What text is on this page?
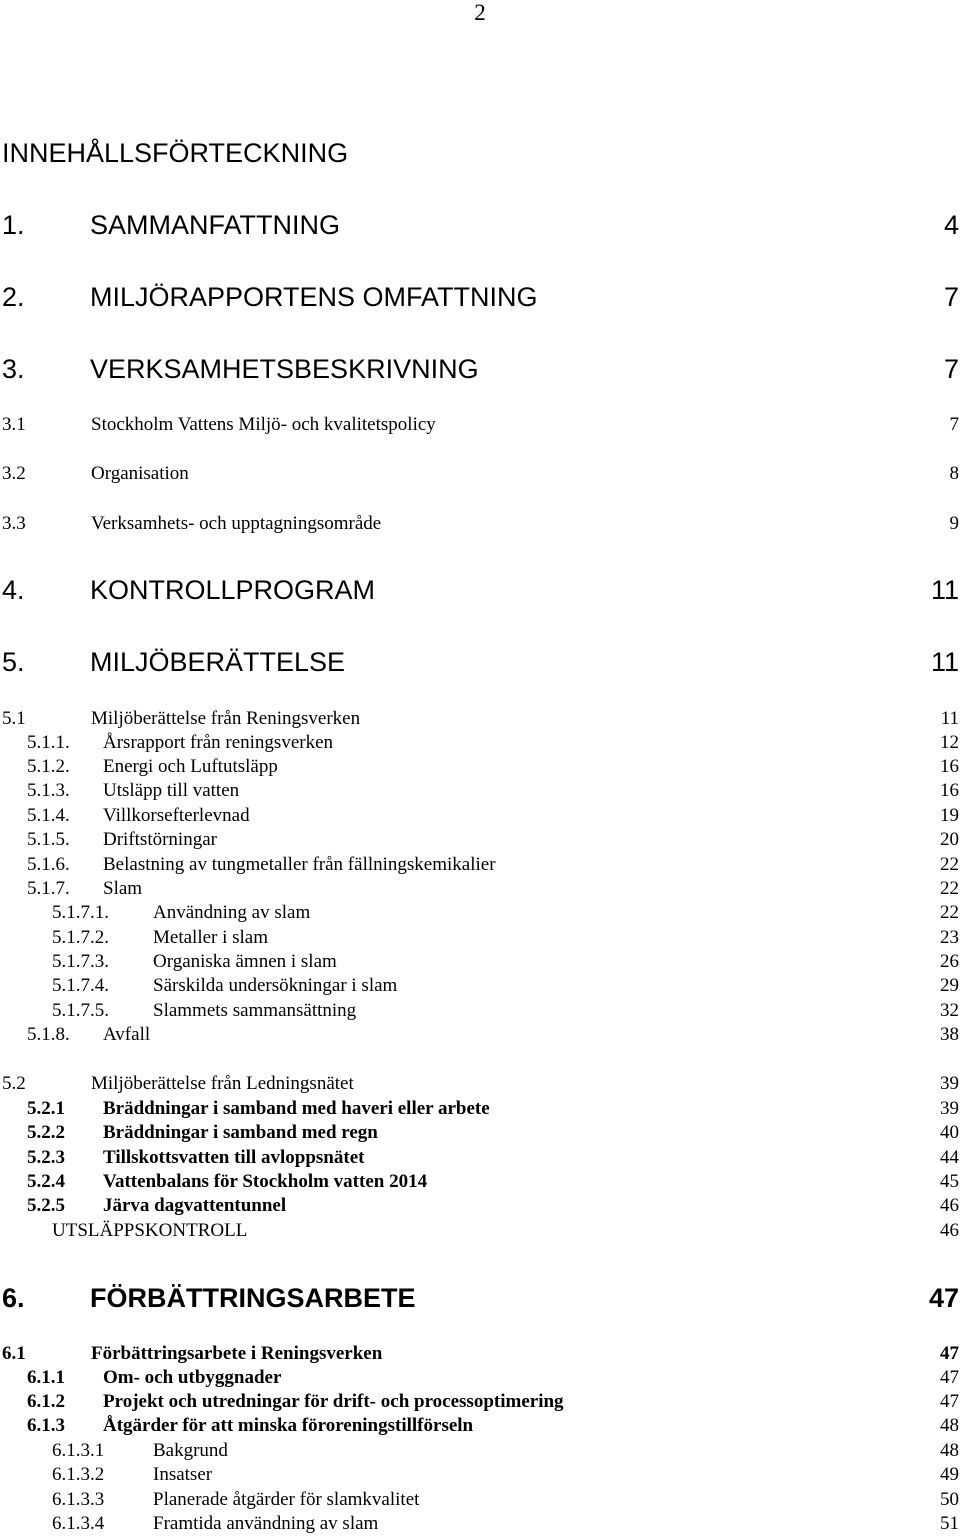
2
INNEHÅLLSFÖRTECKNING
1. SAMMANFATTNING	4
2. MILJÖRAPPORTENS OMFATTNING	7
3. VERKSAMHETSBESKRIVNING	7
3.1	Stockholm Vattens Miljö- och kvalitetspolicy	7
3.2	Organisation	8
3.3	Verksamhets- och upptagningsområde	9
4. KONTROLLPROGRAM	11
5. MILJÖBERÄTTELSE	11
5.1	Miljöberättelse från Reningsverken	11
5.1.1. Årsrapport från reningsverken	12
5.1.2. Energi och Luftutsläpp	16
5.1.3. Utsläpp till vatten	16
5.1.4. Villkorsefterlevnad	19
5.1.5. Driftstörningar	20
5.1.6. Belastning av tungmetaller från fällningskemikalier	22
5.1.7. Slam	22
5.1.7.1. Användning av slam	22
5.1.7.2. Metaller i slam	23
5.1.7.3. Organiska ämnen i slam	26
5.1.7.4. Särskilda undersökningar i slam	29
5.1.7.5. Slammets sammansättning	32
5.1.8. Avfall	38
5.2	Miljöberättelse från Ledningsnätet	39
5.2.1 Bräddningar i samband med haveri eller arbete	39
5.2.2 Bräddningar i samband med regn	40
5.2.3 Tillskottsvatten till avloppsnätet	44
5.2.4 Vattenbalans för Stockholm vatten 2014	45
5.2.5 Järva dagvattentunnel	46
UTSLÄPPSKONTROLL	46
6. FÖRBÄTTRINGSARBETE	47
6.1	Förbättringsarbete i Reningsverken	47
6.1.1 Om- och utbyggnader	47
6.1.2 Projekt och utredningar för drift- och processoptimering	47
6.1.3 Åtgärder för att minska föroreningstillförseln	48
6.1.3.1	Bakgrund	48
6.1.3.2	Insatser	49
6.1.3.3	Planerade åtgärder för slamkvalitet	50
6.1.3.4	Framtida användning av slam	51
